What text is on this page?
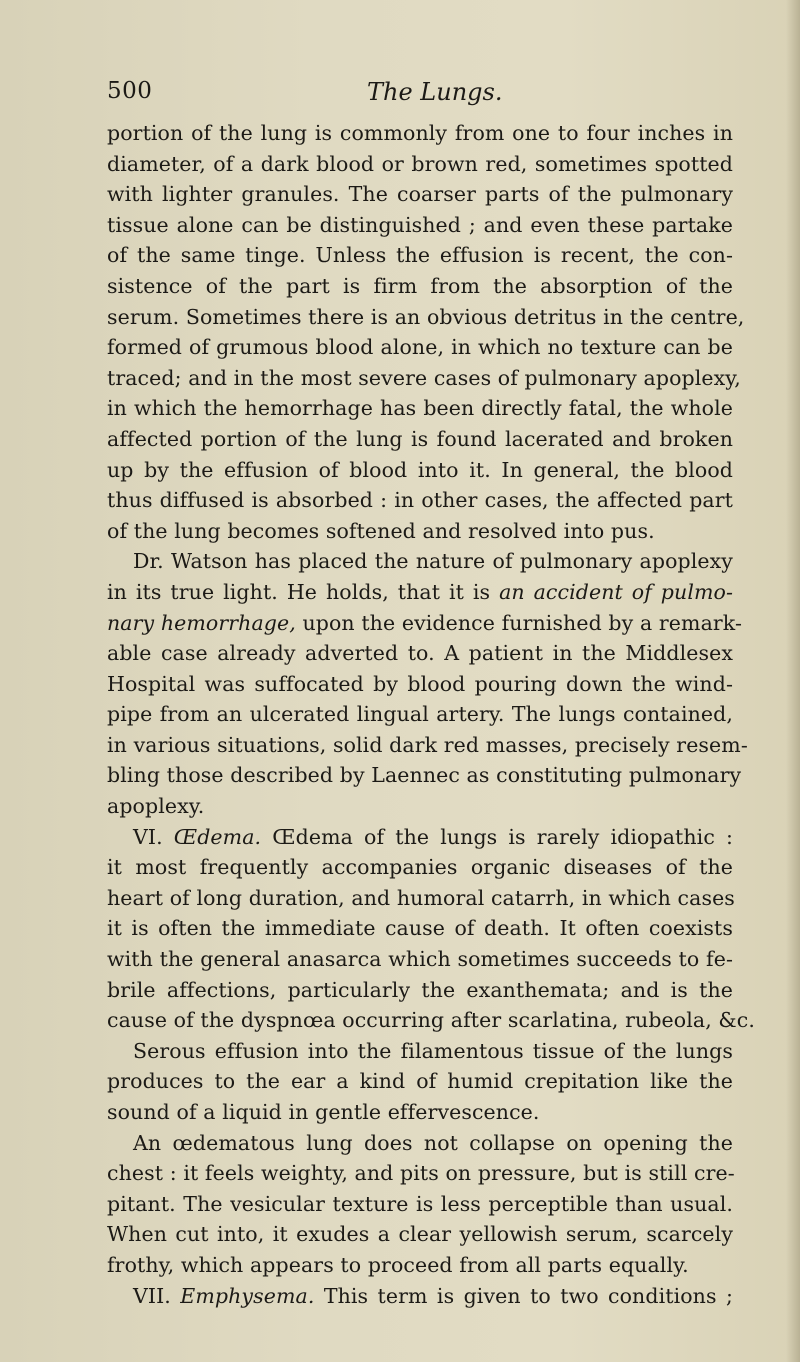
500	The Lungs.
portion of the lung is commonly from one to four inches in
diameter, of a dark blood or brown red, sometimes spotted
with lighter granules. The coarser parts of the pulmonary
tissue alone can be distinguished ; and even these partake
of the same tinge. Unless the effusion is recent, the con-
sistence of the part is firm from the absorption of the
serum. Sometimes there is an obvious detritus in the centre,
formed of grumous blood alone, in which no texture can be
traced; and in the most severe cases of pulmonary apoplexy,
in which the hemorrhage has been directly fatal, the whole
affected portion of the lung is found lacerated and broken
up by the effusion of blood into it. In general, the blood
thus diffused is absorbed : in other cases, the affected part
of the lung becomes softened and resolved into pus.
Dr. Watson has placed the nature of pulmonary apoplexy
in its true light. He holds, that it is an accident of pulmo-
nary hemorrhage, upon the evidence furnished by a remark-
able case already adverted to. A patient in the Middlesex
Hospital was suffocated by blood pouring down the wind-
pipe from an ulcerated lingual artery. The lungs contained,
in various situations, solid dark red masses, precisely resem-
bling those described by Laennec as constituting pulmonary
apoplexy.
VI. Œdema. Œdema of the lungs is rarely idiopathic :
it most frequently accompanies organic diseases of the
heart of long duration, and humoral catarrh, in which cases
it is often the immediate cause of death. It often coexists
with the general anasarca which sometimes succeeds to fe-
brile affections, particularly the exanthemata; and is the
cause of the dyspnœa occurring after scarlatina, rubeola, &c.
Serous effusion into the filamentous tissue of the lungs
produces to the ear a kind of humid crepitation like the
sound of a liquid in gentle effervescence.
An œdematous lung does not collapse on opening the
chest : it feels weighty, and pits on pressure, but is still cre-
pitant. The vesicular texture is less perceptible than usual.
When cut into, it exudes a clear yellowish serum, scarcely
frothy, which appears to proceed from all parts equally.
VII. Emphysema. This term is given to two conditions ;
